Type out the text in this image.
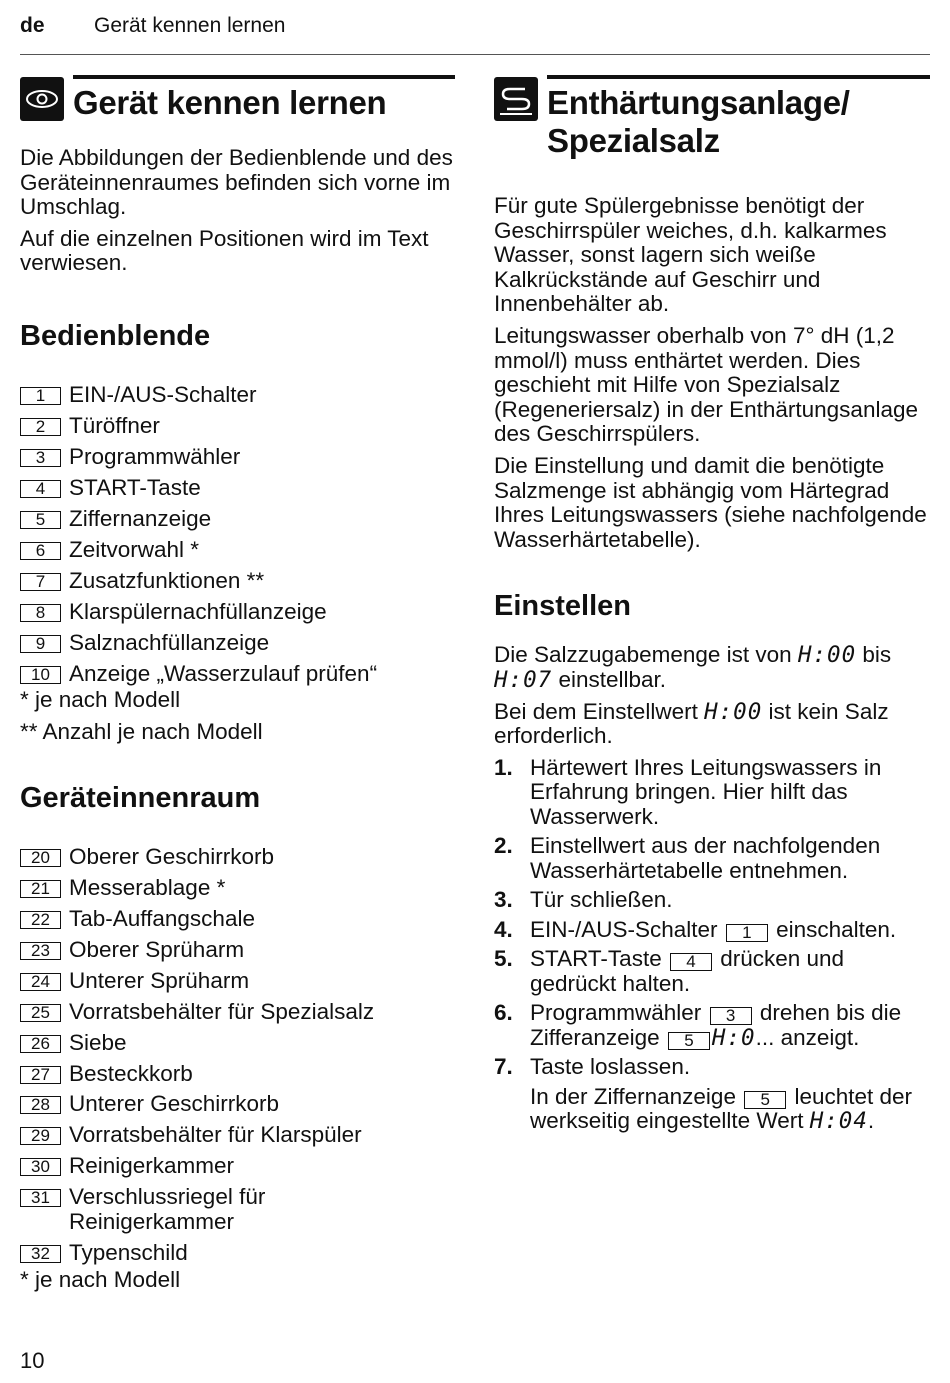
de Gerät kennen lernen
Gerät kennen lernen

Die Abbildungen der Bedienblende und des Geräteinnenraumes befinden sich vorne im Umschlag.

Auf die einzelnen Positionen wird im Text verwiesen.

Bedienblende
1	EIN-/AUS-Schalter
2	Türöffner
3	Programmwähler
4	START-Taste
5	Ziffernanzeige
6	Zeitvorwahl *
7	Zusatzfunktionen **
8	Klarspülernachfüllanzeige
9	Salznachfüllanzeige
10 Anzeige „Wasserzulauf prüfen“
* je nach Modell
** Anzahl je nach Modell
Geräteinnenraum
20 Oberer Geschirrkorb
21 Messerablage *
22 Tab-Auffangschale
23 Oberer Sprüharm
24 Unterer Sprüharm
25 Vorratsbehälter für Spezialsalz
26 Siebe
27 Besteckkorb
28 Unterer Geschirrkorb
29 Vorratsbehälter für Klarspüler
30 Reinigerkammer
31 Verschlussriegel für Reinigerkammer
32 Typenschild
* je nach Modell
Enthärtungsanlage/ Spezialsalz

Für gute Spülergebnisse benötigt der Geschirrspüler weiches, d.h. kalkarmes Wasser, sonst lagern sich weiße Kalkrückstände auf Geschirr und Innenbehälter ab.

Leitungswasser oberhalb von 7° dH (1,2 mmol/l) muss enthärtet werden. Dies geschieht mit Hilfe von Spezialsalz (Regeneriersalz) in der Enthärtungsanlage des Geschirrspülers.

Die Einstellung und damit die benötigte Salzmenge ist abhängig vom Härtegrad Ihres Leitungswassers (siehe nachfolgende Wasserhärtetabelle).

Einstellen

Die Salzzugabemenge ist von H:00 bis H:07 einstellbar.

Bei dem Einstellwert H:00 ist kein Salz erforderlich.

1. Härtewert Ihres Leitungswassers in Erfahrung bringen. Hier hilft das Wasserwerk.
2. Einstellwert aus der nachfolgenden Wasserhärtetabelle entnehmen.
3. Tür schließen.
4. EIN-/AUS-Schalter 1 einschalten.
5. START-Taste 4 drücken und gedrückt halten.
6. Programmwähler 3 drehen bis die Zifferanzeige 5 H:0... anzeigt.
7. Taste loslassen.
In der Ziffernanzeige 5 leuchtet der werkseitig eingestellte Wert H:04.
10
